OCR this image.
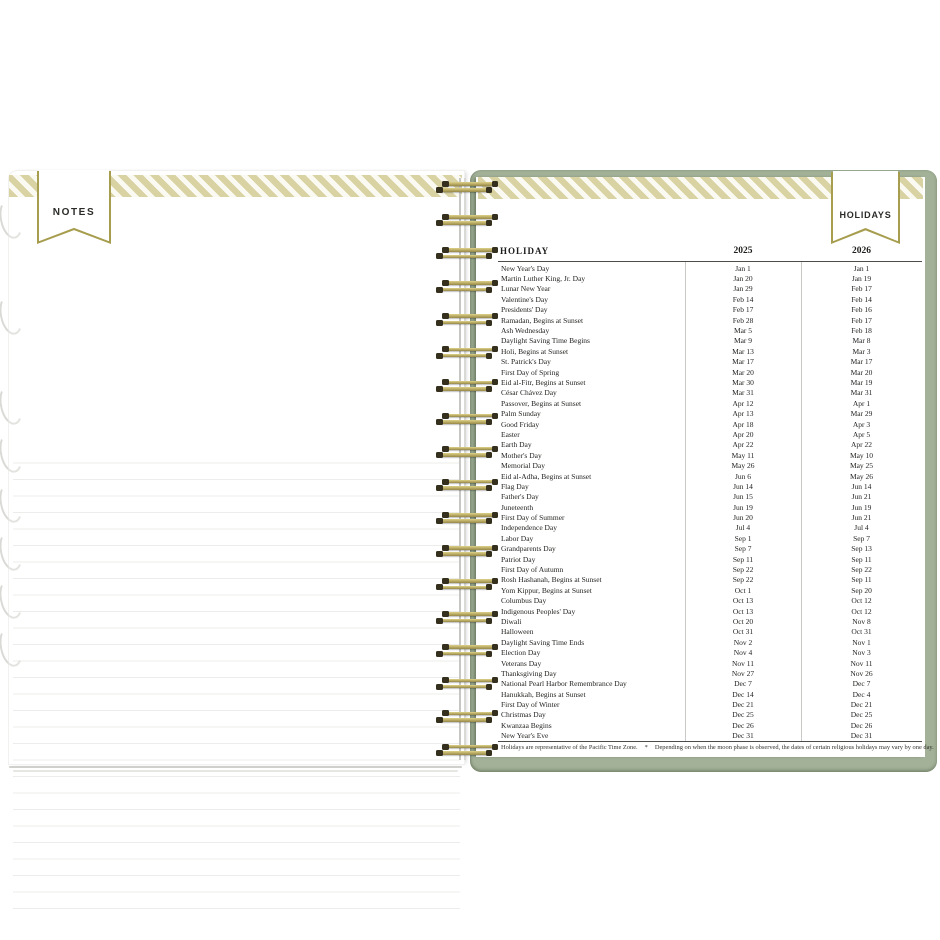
NOTES
HOLIDAY	2025	2026
New Year's Day	Jan 1	Jan 1
Martin Luther King, Jr. Day	Jan 20	Jan 19
Lunar New Year	Jan 29	Feb 17
Valentine's Day	Feb 14	Feb 14
Presidents' Day	Feb 17	Feb 16
Ramadan, Begins at Sunset	Feb 28	Feb 17
Ash Wednesday	Mar 5	Feb 18
Daylight Saving Time Begins	Mar 9	Mar 8
Holi, Begins at Sunset	Mar 13	Mar 3
St. Patrick's Day	Mar 17	Mar 17
First Day of Spring	Mar 20	Mar 20
Eid al-Fitr, Begins at Sunset	Mar 30	Mar 19
César Chávez Day	Mar 31	Mar 31
Passover, Begins at Sunset	Apr 12	Apr 1
Palm Sunday	Apr 13	Mar 29
Good Friday	Apr 18	Apr 3
Easter	Apr 20	Apr 5
Earth Day	Apr 22	Apr 22
Mother's Day	May 11	May 10
Memorial Day	May 26	May 25
Eid al-Adha, Begins at Sunset	Jun 6	May 26
Flag Day	Jun 14	Jun 14
Father's Day	Jun 15	Jun 21
Juneteenth	Jun 19	Jun 19
First Day of Summer	Jun 20	Jun 21
Independence Day	Jul 4	Jul 4
Labor Day	Sep 1	Sep 7
Grandparents Day	Sep 7	Sep 13
Patriot Day	Sep 11	Sep 11
First Day of Autumn	Sep 22	Sep 22
Rosh Hashanah, Begins at Sunset	Sep 22	Sep 11
Yom Kippur, Begins at Sunset	Oct 1	Sep 20
Columbus Day	Oct 13	Oct 12
Indigenous Peoples' Day	Oct 13	Oct 12
Diwali	Oct 20	Nov 8
Halloween	Oct 31	Oct 31
Daylight Saving Time Ends	Nov 2	Nov 1
Election Day	Nov 4	Nov 3
Veterans Day	Nov 11	Nov 11
Thanksgiving Day	Nov 27	Nov 26
National Pearl Harbor Remembrance Day	Dec 7	Dec 7
Hanukkah, Begins at Sunset	Dec 14	Dec 4
First Day of Winter	Dec 21	Dec 21
Christmas Day	Dec 25	Dec 25
Kwanzaa Begins	Dec 26	Dec 26
New Year's Eve	Dec 31	Dec 31
Holidays are representative of the Pacific Time Zone. * Depending on when the moon phase is observed, the dates of certain religious holidays may vary by one day.
HOLIDAYS
